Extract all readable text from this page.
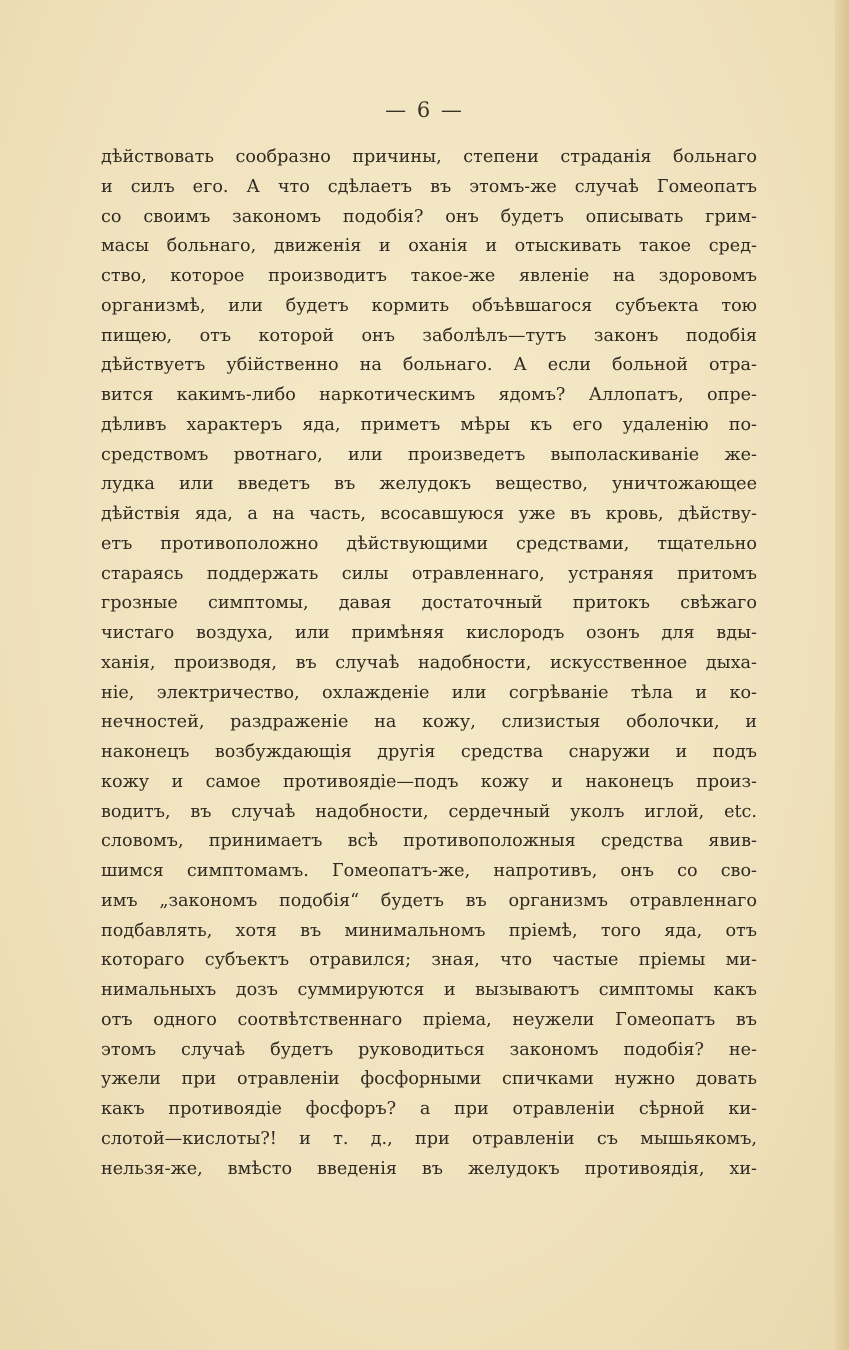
— 6 —
дѣйствовать сообразно причины, степени страданія больнаго
и силъ его. А что сдѣлаетъ въ этомъ-же случаѣ Гомеопатъ
со своимъ закономъ подобія? онъ будетъ описывать грим-
масы больнаго, движенія и оханія и отыскивать такое сред-
ство, которое производитъ такое-же явленіе на здоровомъ
организмѣ, или будетъ кормить объѣвшагося субъекта тою
пищею, отъ которой онъ заболѣлъ—тутъ законъ подобія
дѣйствуетъ убійственно на больнаго. А если больной отра-
вится какимъ-либо наркотическимъ ядомъ? Аллопатъ, опре-
дѣливъ характеръ яда, приметъ мѣры къ его удаленію по-
средствомъ рвотнаго, или произведетъ выполаскиваніе же-
лудка или введетъ въ желудокъ вещество, уничтожающее
дѣйствія яда, а на часть, всосавшуюся уже въ кровь, дѣйству-
етъ противоположно дѣйствующими средствами, тщательно
стараясь поддержать силы отравленнаго, устраняя притомъ
грозные симптомы, давая достаточный притокъ свѣжаго
чистаго воздуха, или примѣняя кислородъ озонъ для вды-
ханія, производя, въ случаѣ надобности, искусственное дыха-
ніе, электричество, охлажденіе или согрѣваніе тѣла и ко-
нечностей, раздраженіе на кожу, слизистыя оболочки, и
наконецъ возбуждающія другія средства снаружи и подъ
кожу и самое противоядіе—подъ кожу и наконецъ произ-
водитъ, въ случаѣ надобности, сердечный уколъ иглой, etc.
словомъ, принимаетъ всѣ противоположныя средства явив-
шимся симптомамъ. Гомеопатъ-же, напротивъ, онъ со сво-
имъ „закономъ подобія“ будетъ въ организмъ отравленнаго
подбавлять, хотя въ минимальномъ пріемѣ, того яда, отъ
котораго субъектъ отравился; зная, что частые пріемы ми-
нимальныхъ дозъ суммируются и вызываютъ симптомы какъ
отъ одного соотвѣтственнаго пріема, неужели Гомеопатъ въ
этомъ случаѣ будетъ руководиться закономъ подобія? не-
ужели при отравленіи фосфорными спичками нужно довать
какъ противоядіе фосфоръ? а при отравленіи сѣрной ки-
слотой—кислоты?! и т. д., при отравленіи съ мышьякомъ,
нельзя-же, вмѣсто введенія въ желудокъ противоядія, хи-
